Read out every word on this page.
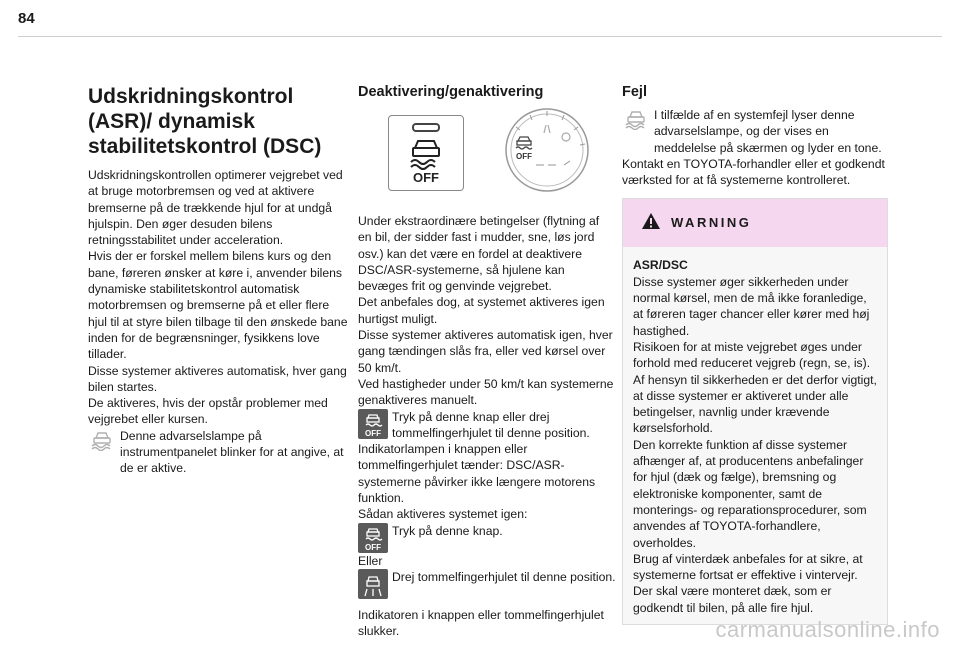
84
Udskridningskontrol (ASR)/ dynamisk stabilitetskontrol (DSC)

Udskridningskontrollen optimerer vejgrebet ved at bruge motorbremsen og ved at aktivere bremserne på de trækkende hjul for at undgå hjulspin. Den øger desuden bilens retningsstabilitet under acceleration.

Hvis der er forskel mellem bilens kurs og den bane, føreren ønsker at køre i, anvender bilens dynamiske stabilitetskontrol automatisk motorbremsen og bremserne på et eller flere hjul til at styre bilen tilbage til den ønskede bane inden for de begrænsninger, fysikkens love tillader.

Disse systemer aktiveres automatisk, hver gang bilen startes.

De aktiveres, hvis der opstår problemer med vejgrebet eller kursen.

Denne advarselslampe på instrumentpanelet blinker for at angive, at de er aktive.
Deaktivering/genaktivering
OFF
OFF

Under ekstraordinære betingelser (flytning af en bil, der sidder fast i mudder, sne, løs jord osv.) kan det være en fordel at deaktivere DSC/ASR-systemerne, så hjulene kan bevæges frit og genvinde vejgrebet.

Det anbefales dog, at systemet aktiveres igen hurtigst muligt.

Disse systemer aktiveres automatisk igen, hver gang tændingen slås fra, eller ved kørsel over 50 km/t.

Ved hastigheder under 50 km/t kan systemerne genaktiveres manuelt.

OFF
Tryk på denne knap eller drej tommelfingerhjulet til denne position.

Indikatorlampen i knappen eller tommelfingerhjulet tænder: DSC/ASR-systemerne påvirker ikke længere motorens funktion.

Sådan aktiveres systemet igen:

OFF
Tryk på denne knap.

Eller

Drej tommelfingerhjulet til denne position.

Indikatoren i knappen eller tommelfingerhjulet slukker.

Fejl
I tilfælde af en systemfejl lyser denne advarselslampe, og der vises en meddelelse på skærmen og lyder en tone.

Kontakt en TOYOTA-forhandler eller et godkendt værksted for at få systemerne kontrolleret.

WARNING

ASR/DSC

Disse systemer øger sikkerheden under normal kørsel, men de må ikke foranledige, at føreren tager chancer eller kører med høj hastighed.

Risikoen for at miste vejgrebet øges under forhold med reduceret vejgreb (regn, se, is). Af hensyn til sikkerheden er det derfor vigtigt, at disse systemer er aktiveret under alle betingelser, navnlig under krævende kørselsforhold.

Den korrekte funktion af disse systemer afhænger af, at producentens anbefalinger for hjul (dæk og fælge), bremsning og elektroniske komponenter, samt de monterings- og reparationsprocedurer, som anvendes af TOYOTA-forhandlere, overholdes.

Brug af vinterdæk anbefales for at sikre, at systemerne fortsat er effektive i vintervejr. Der skal være monteret dæk, som er godkendt til bilen, på alle fire hjul.

carmanualsonline.info
